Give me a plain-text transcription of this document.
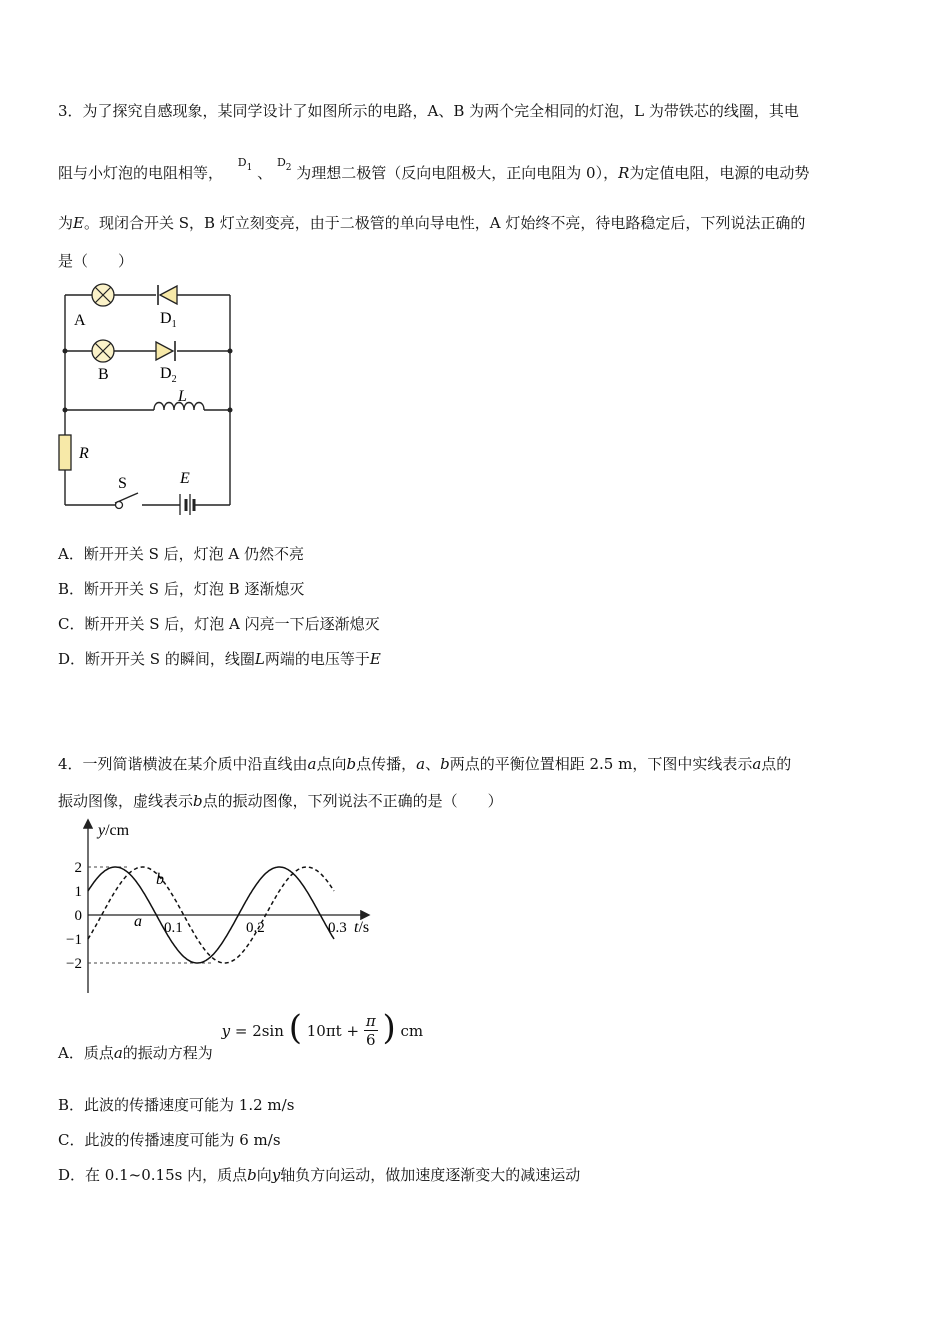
3．为了探究自感现象，某同学设计了如图所示的电路，A、B 为两个完全相同的灯泡，L 为带铁芯的线圈，其电
阻与小灯泡的电阻相等， $^{D_1}$ 、 $^{D_2}$ 为理想二极管（反向电阻极大，正向电阻为 0），R为定值电阻，电源的电动势
为E。现闭合开关 S，B 灯立刻变亮，由于二极管的单向导电性，A 灯始终不亮，待电路稳定后，下列说法正确的
是（　　）
A
B
$D_1$
$D_2$
L
R
S	E
A．断开开关 S 后，灯泡 A 仍然不亮
B．断开开关 S 后，灯泡 B 逐渐熄灭
C．断开开关 S 后，灯泡 A 闪亮一下后逐渐熄灭
D．断开开关 S 的瞬间，线圈L两端的电压等于E
4．一列简谐横波在某介质中沿直线由a点向b点传播，a、b两点的平衡位置相距 2.5 m，下图中实线表示a点的
振动图像，虚线表示b点的振动图像，下列说法不正确的是（　　）
2
1
0
−1
−2
0.1	0.2	0.3
y/cm
t/s
a
b
A．质点a的振动方程为 y = 2sin ( $10\pi t + \frac{\pi}{6}$ ) cm
B．此波的传播速度可能为 1.2 m/s
C．此波的传播速度可能为 6 m/s
D．在 0.1~0.15s 内，质点b向y轴负方向运动，做加速度逐渐变大的减速运动
